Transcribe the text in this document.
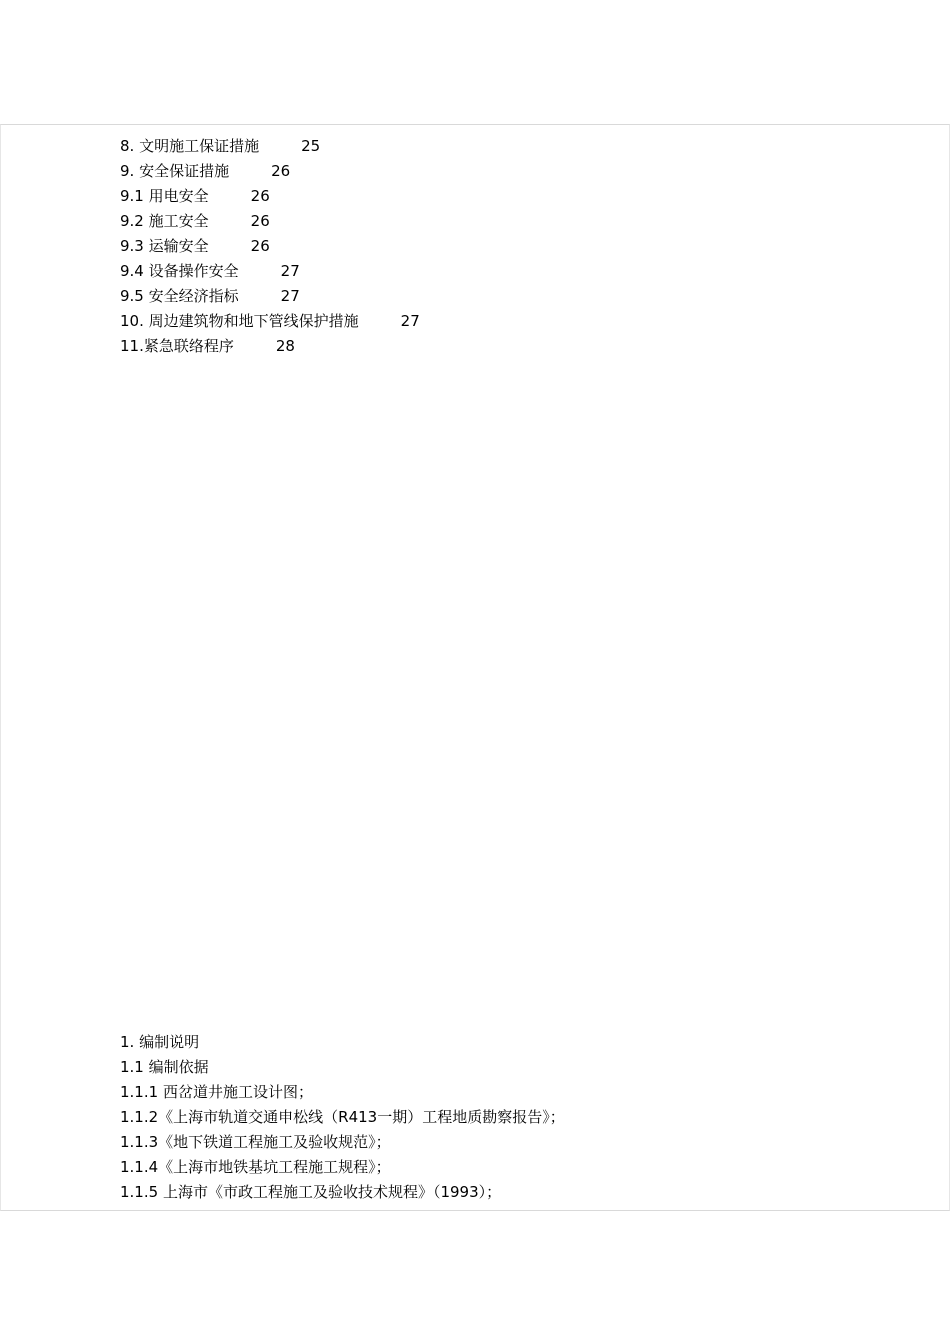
8. 文明施工保证措施	25
9. 安全保证措施	26
9.1 用电安全	26
9.2 施工安全	26
9.3 运输安全	26
9.4 设备操作安全	27
9.5 安全经济指标	27
10. 周边建筑物和地下管线保护措施	27
11.紧急联络程序	28
1. 编制说明
1.1 编制依据
1.1.1 西岔道井施工设计图；
1.1.2《上海市轨道交通申松线（R413一期）工程地质勘察报告》；
1.1.3《地下铁道工程施工及验收规范》；
1.1.4《上海市地铁基坑工程施工规程》；
1.1.5 上海市《市政工程施工及验收技术规程》（1993）；
